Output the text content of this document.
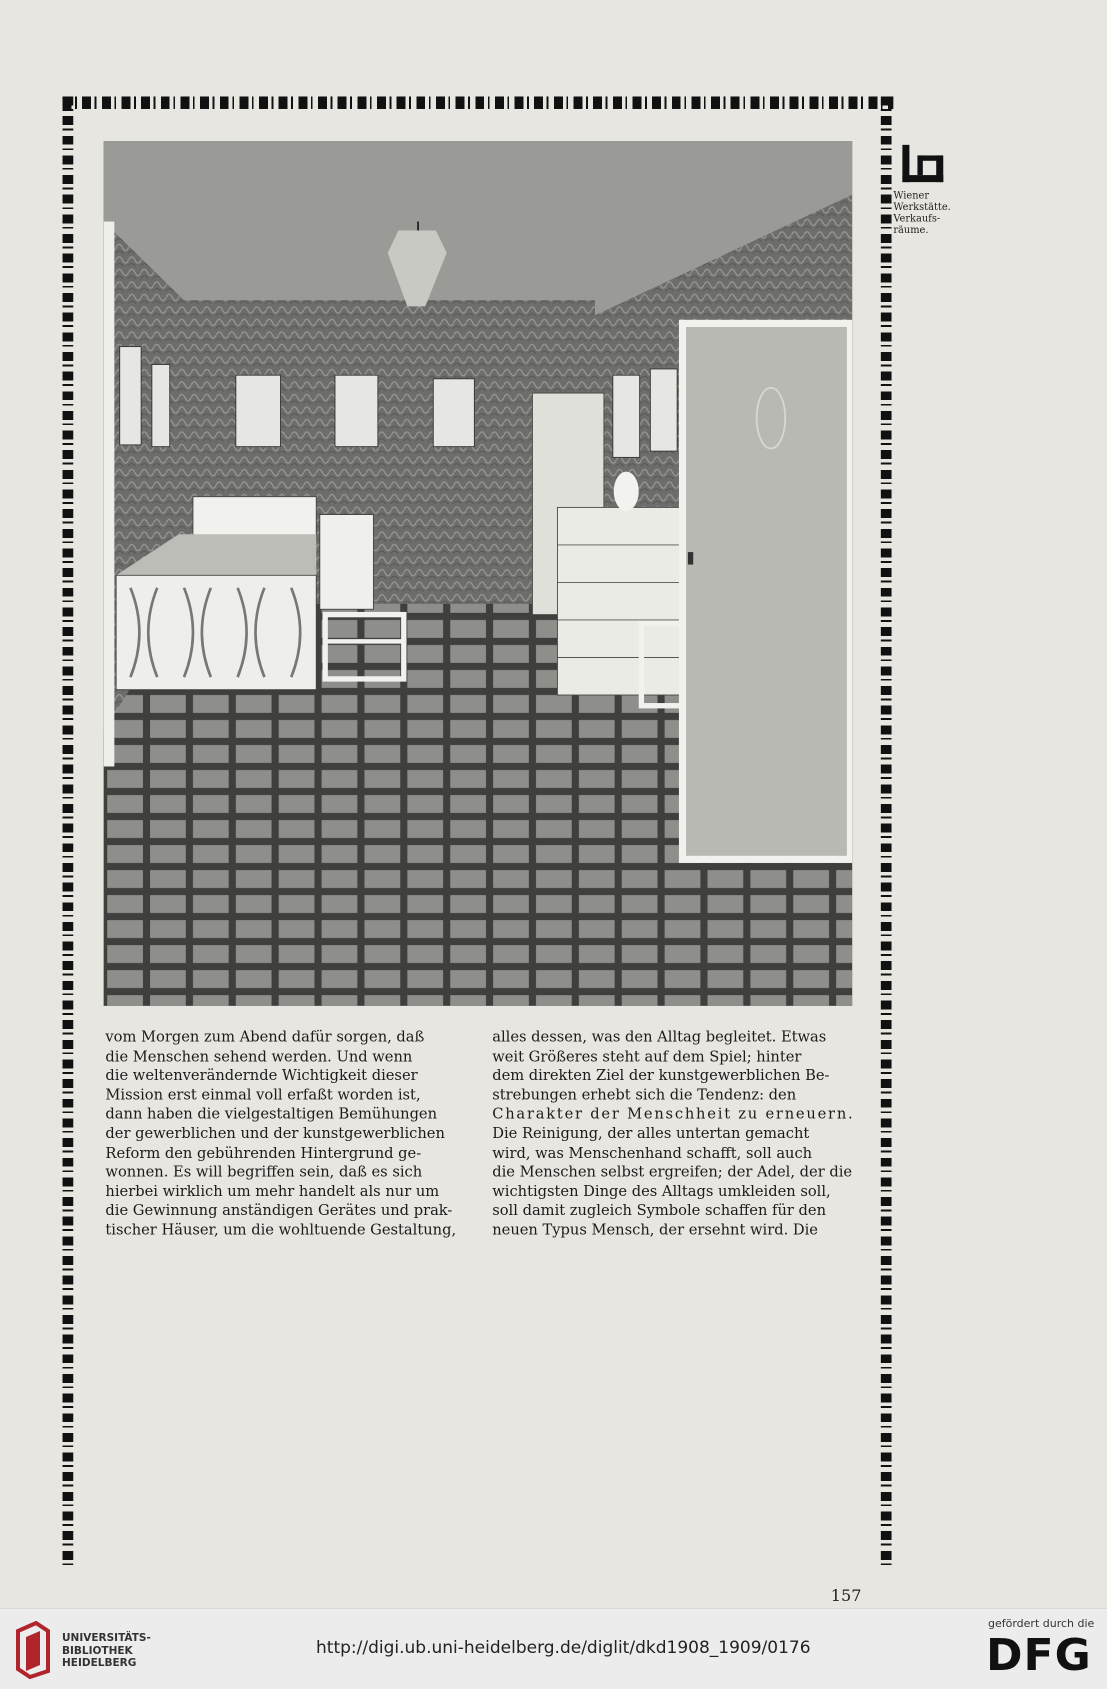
Wiener
Werkstätte.
Verkaufs-
räume.

vom Morgen zum Abend dafür sorgen, daß

die Menschen sehend werden. Und wenn

die weltenverändernde Wichtigkeit dieser

Mission erst einmal voll erfaßt worden ist,

dann haben die vielgestaltigen Bemühungen

der gewerblichen und der kunstgewerblichen

Reform den gebührenden Hintergrund ge-

wonnen. Es will begriffen sein, daß es sich

hierbei wirklich um mehr handelt als nur um

die Gewinnung anständigen Gerätes und prak-

tischer Häuser, um die wohltuende Gestaltung,

alles dessen, was den Alltag begleitet. Etwas

weit Größeres steht auf dem Spiel; hinter

dem direkten Ziel der kunstgewerblichen Be-

strebungen erhebt sich die Tendenz: den

Charakter der Menschheit zu erneuern.

Die Reinigung, der alles untertan gemacht

wird, was Menschenhand schafft, soll auch

die Menschen selbst ergreifen; der Adel, der die

wichtigsten Dinge des Alltags umkleiden soll,

soll damit zugleich Symbole schaffen für den

neuen Typus Mensch, der ersehnt wird. Die

157
UNIVERSITÄTS-
BIBLIOTHEK
HEIDELBERG
http://digi.ub.uni-heidelberg.de/diglit/dkd1908_1909/0176
gefördert durch die
DFG
